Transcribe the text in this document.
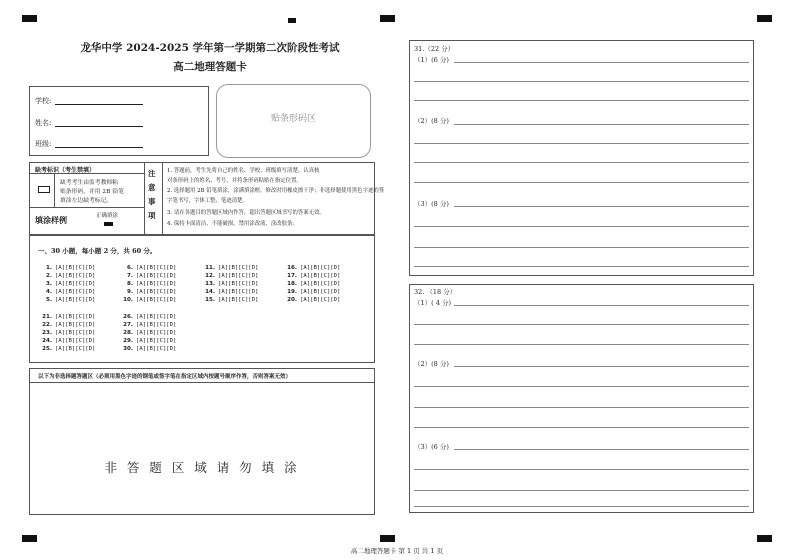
龙华中学 2024-2025 学年第一学期第二次阶段性考试
高二地理答题卡
学校:
姓名:
班级:
贴条形码区
缺考标识（考生禁填）
缺考考生由监考教师粘
贴条形码，并用 2B 铅笔
填涂左边缺考标记。
填涂样例	正确填涂
注
意
事
项
1. 答题前，考生先将自己的姓名、学校、班级填写清楚，认真核
对条形码上的姓名、考号，并将条形码粘贴在指定位置。
2. 选择题用 2B 铅笔填涂，涂满填涂框，修改时用橡皮擦干净；非选择题使用黑色字迹的签
字笔书写，字体工整、笔迹清楚。
3. 请在各题目的答题区域内作答，超出答题区域书写的答案无效。
4. 保持卡面清洁，不能破损，禁用涂改液、涂改胶条。
一、30 小题，每小题 2 分，共 60 分。
1. [A][B][C][D]
2. [A][B][C][D]
3. [A][B][C][D]
4. [A][B][C][D]
5. [A][B][C][D]
6. [A][B][C][D]
7. [A][B][C][D]
8. [A][B][C][D]
9. [A][B][C][D]
10. [A][B][C][D]
11. [A][B][C][D]
12. [A][B][C][D]
13. [A][B][C][D]
14. [A][B][C][D]
15. [A][B][C][D]
16. [A][B][C][D]
17. [A][B][C][D]
18. [A][B][C][D]
19. [A][B][C][D]
20. [A][B][C][D]
21. [A][B][C][D]
22. [A][B][C][D]
23. [A][B][C][D]
24. [A][B][C][D]
25. [A][B][C][D]
26. [A][B][C][D]
27. [A][B][C][D]
28. [A][B][C][D]
29. [A][B][C][D]
30. [A][B][C][D]
以下为非选择题答题区（必须用黑色字迹的钢笔或签字笔在指定区域内按题号顺序作答，否则答案无效）
非 答 题 区 域 请 勿 填 涂
31.（22 分）
（1）(6 分)
（2）(8 分)
（3）(8 分)
32. （18 分）
（1）( 4 分)
（2）(8 分)
（3）(6 分)
高二地理答题卡 第 1 页 共 1 页
